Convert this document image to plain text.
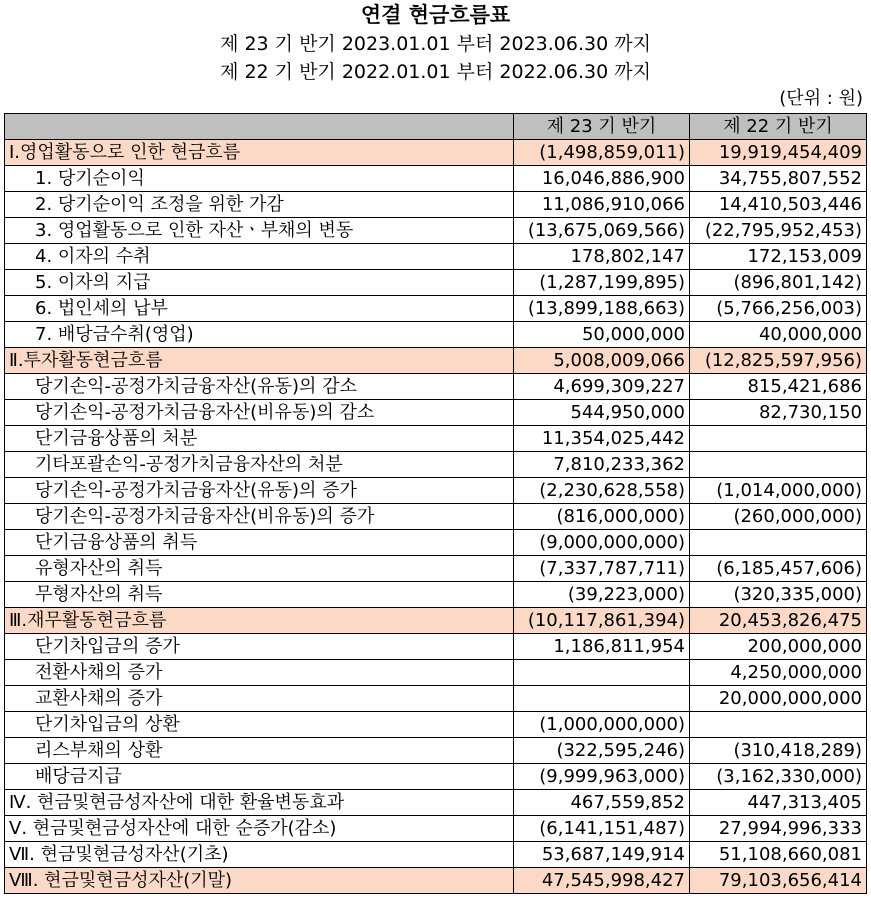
연결 현금흐름표
제 23 기 반기 2023.01.01 부터 2023.06.30 까지
제 22 기 반기 2022.01.01 부터 2022.06.30 까지
(단위 : 원)
	제 23 기 반기	제 22 기 반기
Ⅰ.영업활동으로 인한 현금흐름	(1,498,859,011)	19,919,454,409
1. 당기순이익	16,046,886,900	34,755,807,552
2. 당기순이익 조정을 위한 가감	11,086,910,066	14,410,503,446
3. 영업활동으로 인한 자산ㆍ부채의 변동	(13,675,069,566)	(22,795,952,453)
4. 이자의 수취	178,802,147	172,153,009
5. 이자의 지급	(1,287,199,895)	(896,801,142)
6. 법인세의 납부	(13,899,188,663)	(5,766,256,003)
7. 배당금수취(영업)	50,000,000	40,000,000
Ⅱ.투자활동현금흐름	5,008,009,066	(12,825,597,956)
당기손익-공정가치금융자산(유동)의 감소	4,699,309,227	815,421,686
당기손익-공정가치금융자산(비유동)의 감소	544,950,000	82,730,150
단기금융상품의 처분	11,354,025,442	
기타포괄손익-공정가치금융자산의 처분	7,810,233,362	
당기손익-공정가치금융자산(유동)의 증가	(2,230,628,558)	(1,014,000,000)
당기손익-공정가치금융자산(비유동)의 증가	(816,000,000)	(260,000,000)
단기금융상품의 취득	(9,000,000,000)	
유형자산의 취득	(7,337,787,711)	(6,185,457,606)
무형자산의 취득	(39,223,000)	(320,335,000)
Ⅲ.재무활동현금흐름	(10,117,861,394)	20,453,826,475
단기차입금의 증가	1,186,811,954	200,000,000
전환사채의 증가		4,250,000,000
교환사채의 증가		20,000,000,000
단기차입금의 상환	(1,000,000,000)	
리스부채의 상환	(322,595,246)	(310,418,289)
배당금지급	(9,999,963,000)	(3,162,330,000)
Ⅳ. 현금및현금성자산에 대한 환율변동효과	467,559,852	447,313,405
Ⅴ. 현금및현금성자산에 대한 순증가(감소)	(6,141,151,487)	27,994,996,333
Ⅶ. 현금및현금성자산(기초)	53,687,149,914	51,108,660,081
Ⅷ. 현금및현금성자산(기말)	47,545,998,427	79,103,656,414
